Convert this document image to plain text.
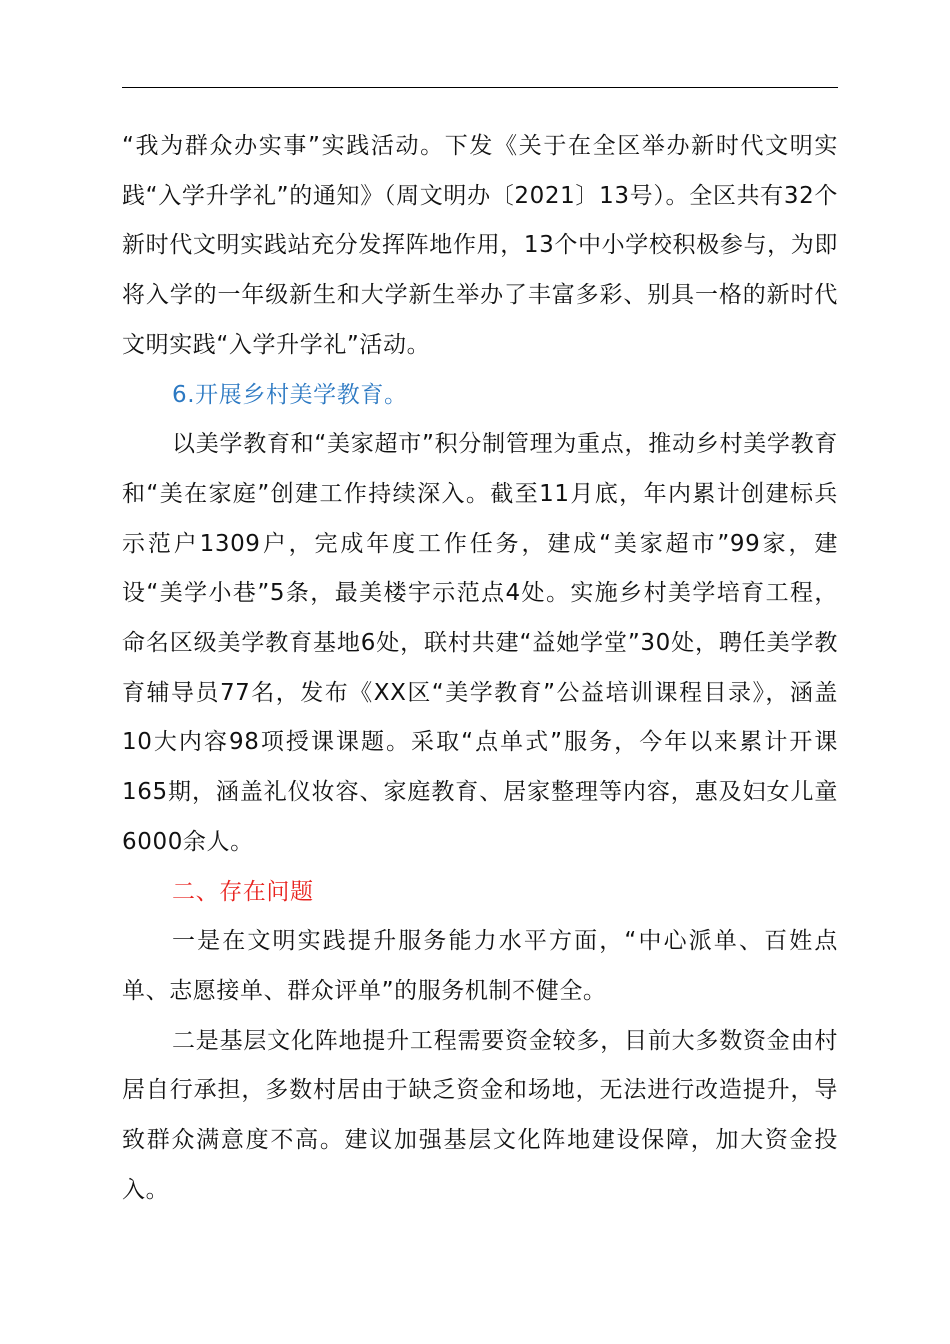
“我为群众办实事”实践活动。下发《关于在全区举办新时代文明实践“入学升学礼”的通知》（周文明办〔2021〕13号）。全区共有32个新时代文明实践站充分发挥阵地作用，13个中小学校积极参与，为即将入学的一年级新生和大学新生举办了丰富多彩、别具一格的新时代文明实践“入学升学礼”活动。

6.开展乡村美学教育。

以美学教育和“美家超市”积分制管理为重点，推动乡村美学教育和“美在家庭”创建工作持续深入。截至11月底，年内累计创建标兵示范户1309户，完成年度工作任务，建成“美家超市”99家，建设“美学小巷”5条，最美楼宇示范点4处。实施乡村美学培育工程，命名区级美学教育基地6处，联村共建“益她学堂”30处，聘任美学教育辅导员77名，发布《XX区“美学教育”公益培训课程目录》，涵盖10大内容98项授课课题。采取“点单式”服务，今年以来累计开课165期，涵盖礼仪妆容、家庭教育、居家整理等内容，惠及妇女儿童6000余人。

二、存在问题

一是在文明实践提升服务能力水平方面，“中心派单、百姓点单、志愿接单、群众评单”的服务机制不健全。

二是基层文化阵地提升工程需要资金较多，目前大多数资金由村居自行承担，多数村居由于缺乏资金和场地，无法进行改造提升，导致群众满意度不高。建议加强基层文化阵地建设保障，加大资金投入。
